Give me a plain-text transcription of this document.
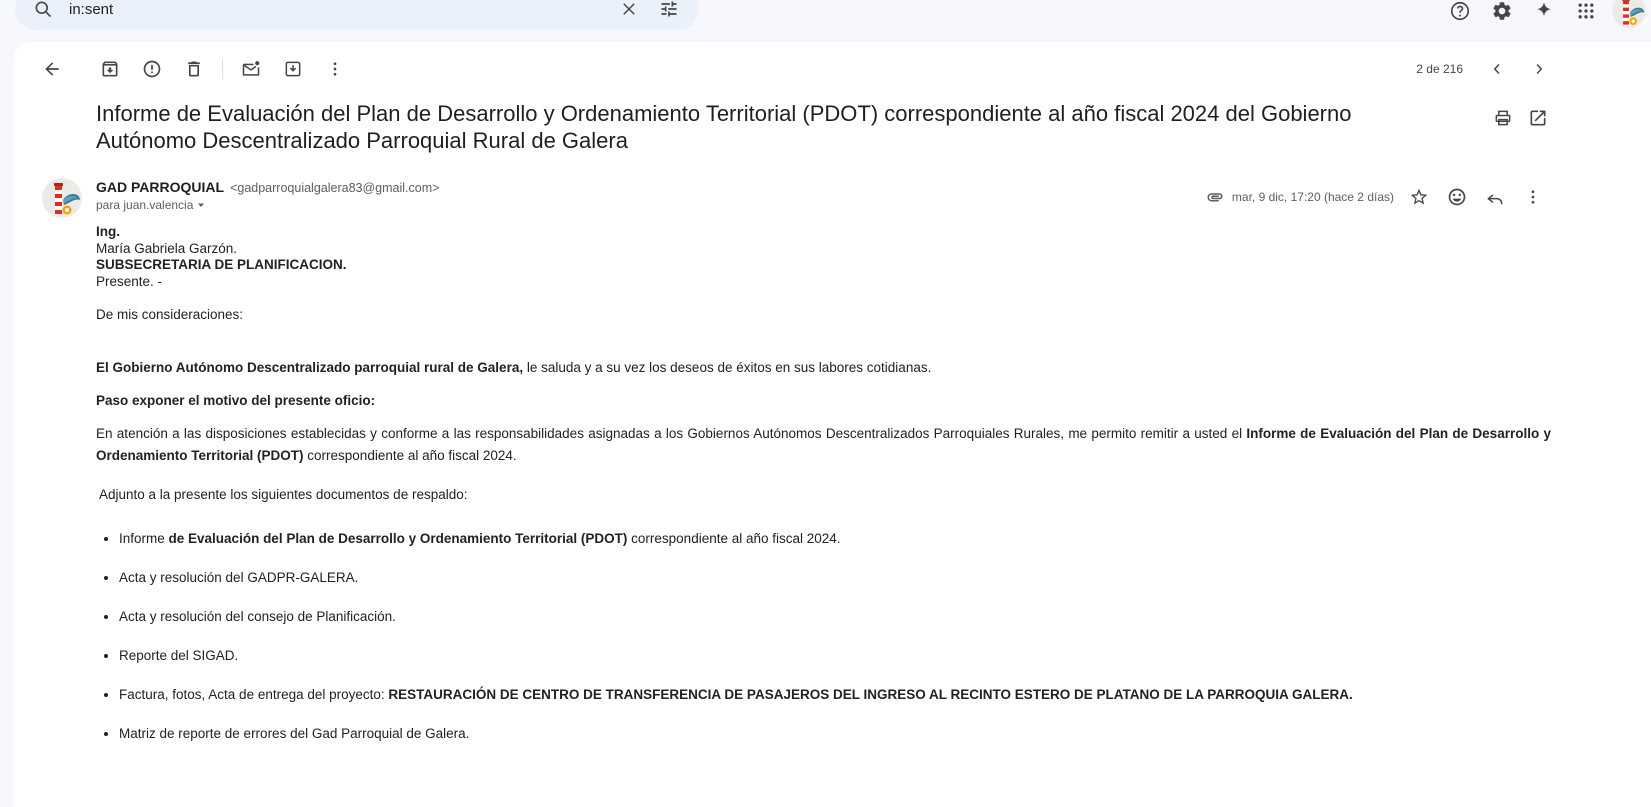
in:sent
2 de 216
Informe de Evaluación del Plan de Desarrollo y Ordenamiento Territorial (PDOT) correspondiente al año fiscal 2024 del Gobierno Autónomo Descentralizado Parroquial Rural de Galera
GAD PARROQUIAL <gadparroquialgalera83@gmail.com>
para juan.valencia
mar, 9 dic, 17:20 (hace 2 días)
Ing.
María Gabriela Garzón.
SUBSECRETARIA DE PLANIFICACION.
Presente. -
De mis consideraciones:
El Gobierno Autónomo Descentralizado parroquial rural de Galera, le saluda y a su vez los deseos de éxitos en sus labores cotidianas.
Paso exponer el motivo del presente oficio:
En atención a las disposiciones establecidas y conforme a las responsabilidades asignadas a los Gobiernos Autónomos Descentralizados Parroquiales Rurales, me permito remitir a usted el Informe de Evaluación del Plan de Desarrollo y Ordenamiento Territorial (PDOT) correspondiente al año fiscal 2024.
Adjunto a la presente los siguientes documentos de respaldo:
• Informe de Evaluación del Plan de Desarrollo y Ordenamiento Territorial (PDOT) correspondiente al año fiscal 2024.
• Acta y resolución del GADPR-GALERA.
• Acta y resolución del consejo de Planificación.
• Reporte del SIGAD.
• Factura, fotos, Acta de entrega del proyecto: RESTAURACIÓN DE CENTRO DE TRANSFERENCIA DE PASAJEROS DEL INGRESO AL RECINTO ESTERO DE PLATANO DE LA PARROQUIA GALERA.
• Matriz de reporte de errores del Gad Parroquial de Galera.
